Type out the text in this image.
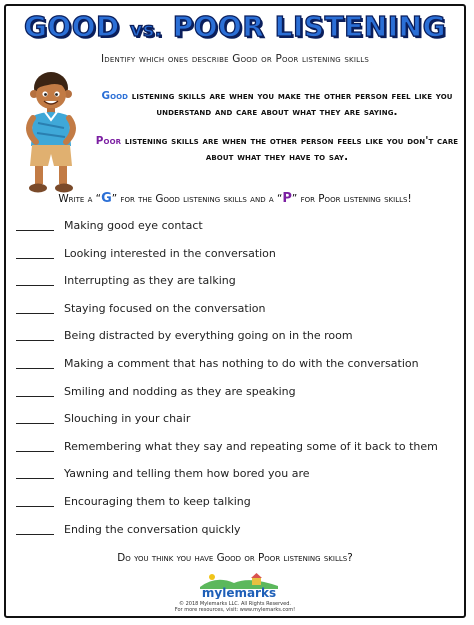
GOOD vs. POOR LISTENING
Identify which ones describe Good or Poor listening skills
Good listening skills are when you make the other person feel like you understand and care about what they are saying.
Poor listening skills are when the other person feels like you don't care about what they have to say.
Write a “G” for the Good listening skills and a “P” for Poor listening skills!
Making good eye contact
Looking interested in the conversation
Interrupting as they are talking
Staying focused on the conversation
Being distracted by everything going on in the room
Making a comment that has nothing to do with the conversation
Smiling and nodding as they are speaking
Slouching in your chair
Remembering what they say and repeating some of it back to them
Yawning and telling them how bored you are
Encouraging them to keep talking
Ending the conversation quickly
Do you think you have Good or Poor listening skills?
mylemarks
© 2018 Mylemarks LLC. All Rights Reserved.
For more resources, visit: www.mylemarks.com!
